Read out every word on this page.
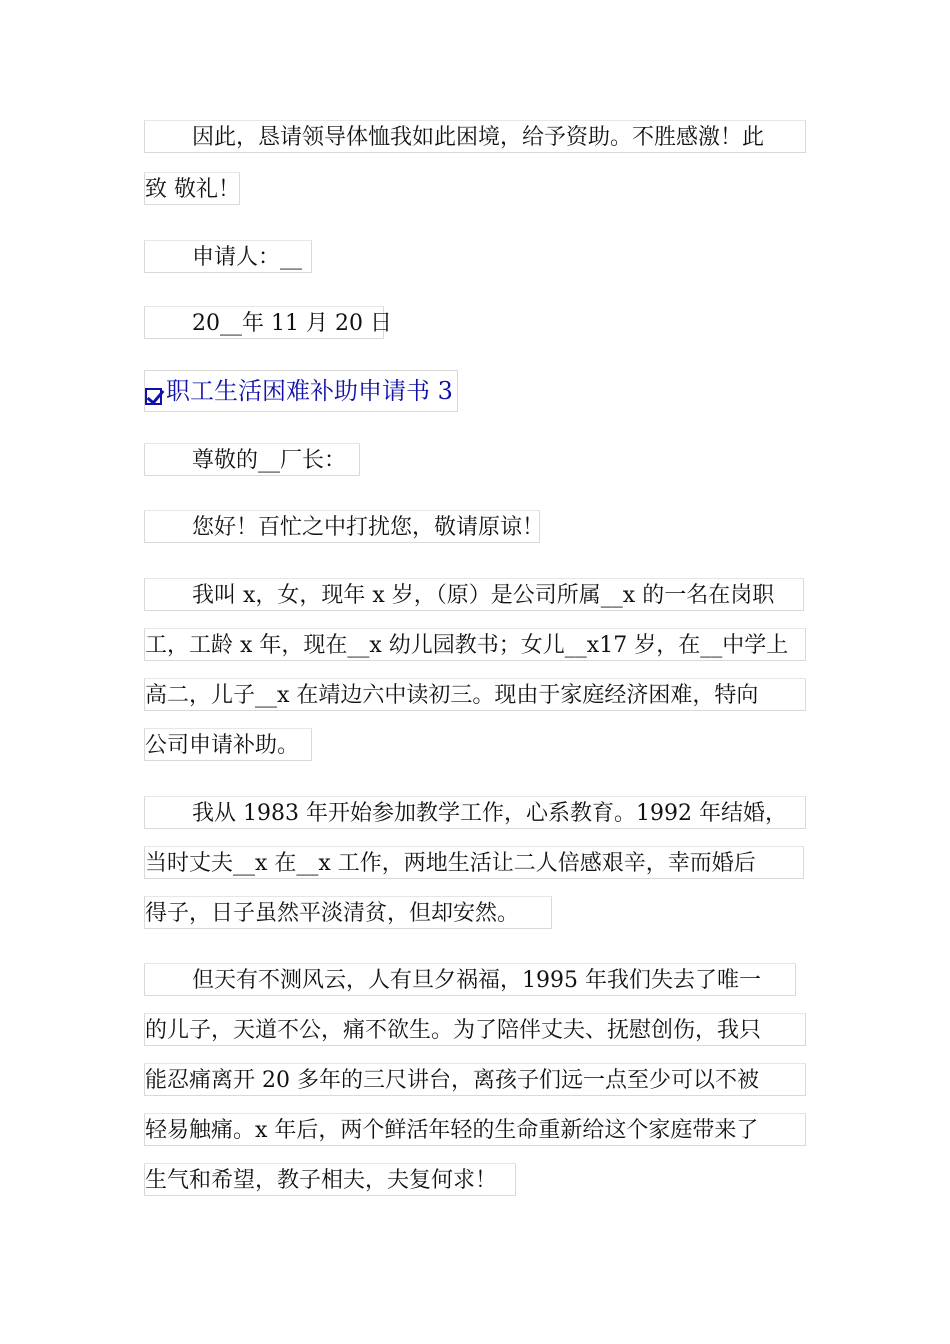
因此，恳请领导体恤我如此困境，给予资助。不胜感激！此
致 敬礼！
申请人：__
20__年 11 月 20 日
职工生活困难补助申请书 3
尊敬的__厂长：
您好！百忙之中打扰您，敬请原谅！
我叫 x，女，现年 x 岁，（原）是公司所属__x 的一名在岗职
工，工龄 x 年，现在__x 幼儿园教书；女儿__x17 岁，在__中学上
高二，儿子__x 在靖边六中读初三。现由于家庭经济困难，特向
公司申请补助。
我从 1983 年开始参加教学工作，心系教育。1992 年结婚，
当时丈夫__x 在__x 工作，两地生活让二人倍感艰辛，幸而婚后
得子，日子虽然平淡清贫，但却安然。
但天有不测风云，人有旦夕祸福，1995 年我们失去了唯一
的儿子，天道不公，痛不欲生。为了陪伴丈夫、抚慰创伤，我只
能忍痛离开 20 多年的三尺讲台，离孩子们远一点至少可以不被
轻易触痛。x 年后，两个鲜活年轻的生命重新给这个家庭带来了
生气和希望，教子相夫，夫复何求！
